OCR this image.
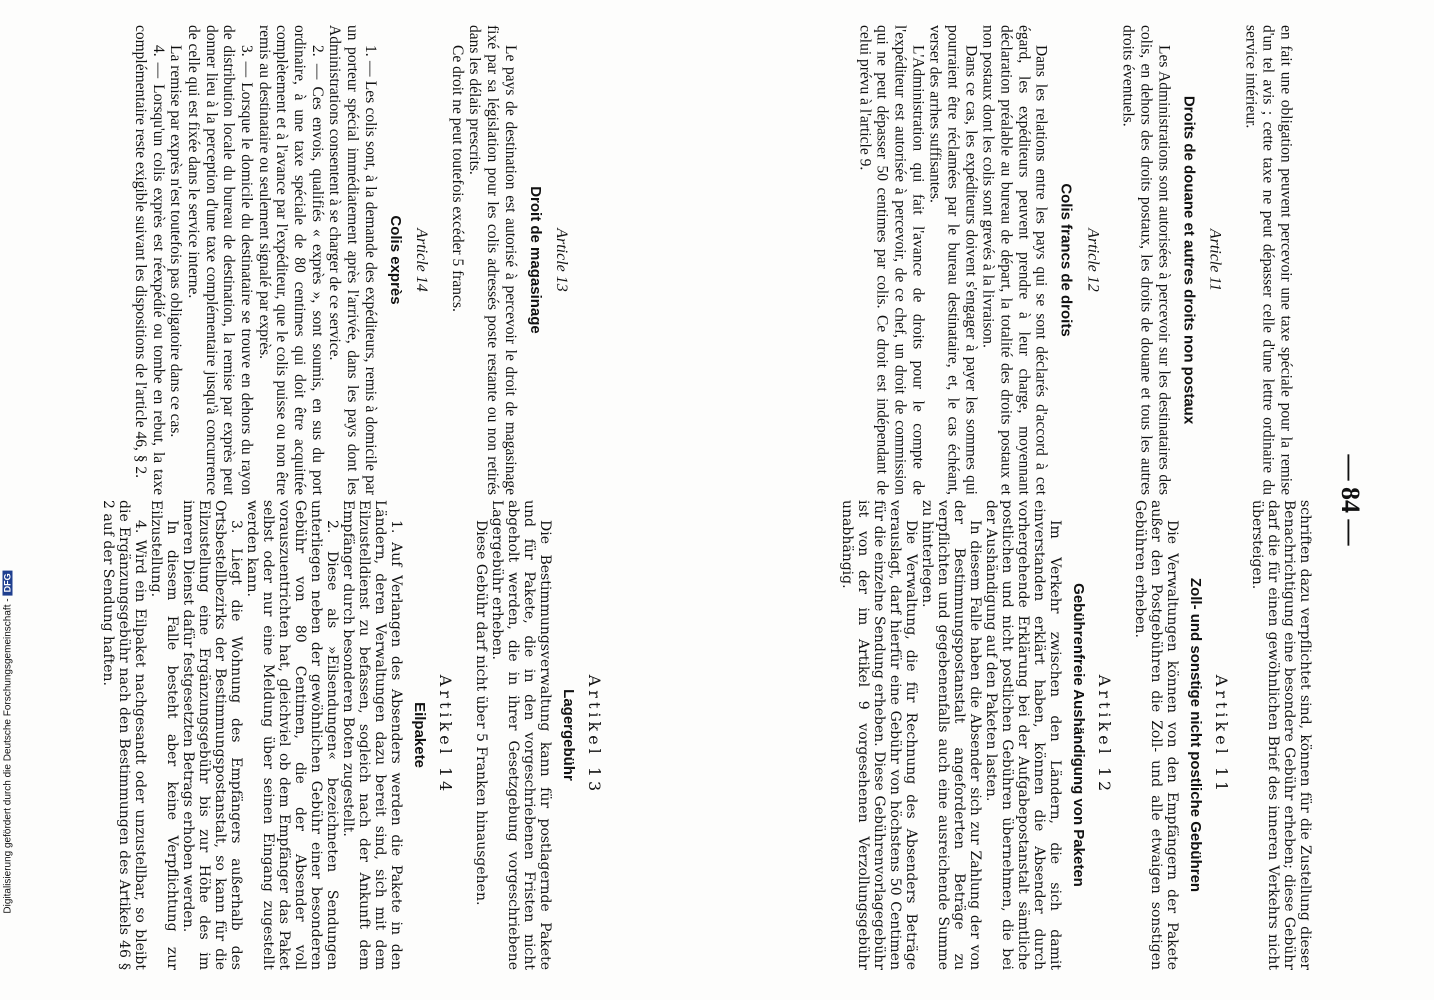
— 84 —

en fait une obligation peuvent percevoir une taxe spéciale pour la remise d'un tel avis ; cette taxe ne peut dépasser celle d'une lettre ordinaire du service intérieur.

Article 11
Droits de douane et autres droits non postaux

Les Administrations sont autorisées à percevoir sur les destinataires des colis, en dehors des droits postaux, les droits de douane et tous les autres droits éventuels.

Article 12
Colis francs de droits

Dans les relations entre les pays qui se sont déclarés d'accord à cet égard, les expéditeurs peuvent prendre à leur charge, moyennant déclaration préalable au bureau de départ, la totalité des droits postaux et non postaux dont les colis sont grevés à la livraison.

Dans ce cas, les expéditeurs doivent s'engager à payer les sommes qui pourraient être réclamées par le bureau destinataire, et, le cas échéant, verser des arrhes suffisantes.

L'Administration qui fait l'avance de droits pour le compte de l'expéditeur est autorisée à percevoir, de ce chef, un droit de commission qui ne peut dépasser 50 centimes par colis. Ce droit est indépendant de celui prévu à l'article 9.

Article 13
Droit de magasinage

Le pays de destination est autorisé à percevoir le droit de magasinage fixé par sa législation pour les colis adressés poste restante ou non retirés dans les délais prescrits.

Ce droit ne peut toutefois excéder 5 francs.

Article 14
Colis exprès

1. — Les colis sont, à la demande des expéditeurs, remis à domicile par un porteur spécial immédiatement après l'arrivée, dans les pays dont les Administrations consentent à se charger de ce service.

2. — Ces envois, qualifiés « exprès », sont soumis, en sus du port ordinaire, à une taxe spéciale de 80 centimes qui doit être acquittée complètement et à l'avance par l'expéditeur, que le colis puisse ou non être remis au destinataire ou seulement signalé par exprès.

3. — Lorsque le domicile du destinataire se trouve en dehors du rayon de distribution locale du bureau de destination, la remise par exprès peut donner lieu à la perception d'une taxe complémentaire jusqu'à concurrence de celle qui est fixée dans le service interne.

La remise par exprès n'est toutefois pas obligatoire dans ce cas.

4. — Lorsqu'un colis exprès est réexpédié ou tombe en rebut, la taxe complémentaire reste exigible suivant les dispositions de l'article 46, § 2.

Digitalisierung gefördert durch die Deutsche Forschungsgemeinschaft -DFG	schriften dazu verpflichtet sind, können für die Zustellung dieser Benachrichtigung eine besondere Gebühr erheben; diese Gebühr darf die für einen gewöhnlichen Brief des inneren Verkehrs nicht übersteigen.

Artikel 11
Zoll- und sonstige nicht postliche Gebühren

Die Verwaltungen können von den Empfängern der Pakete außer den Postgebühren die Zoll- und alle etwaigen sonstigen Gebühren erheben.

Artikel 12
Gebührenfreie Aushändigung von Paketen

Im Verkehr zwischen den Ländern, die sich damit einverstanden erklärt haben, können die Absender durch vorhergehende Erklärung bei der Aufgabepostanstalt sämtliche postlichen und nicht postlichen Gebühren übernehmen, die bei der Aushändigung auf den Paketen lasten.

In diesem Falle haben die Absender sich zur Zahlung der von der Bestimmungspostanstalt angeforderten Beträge zu verpflichten und gegebenenfalls auch eine ausreichende Summe zu hinterlegen.

Die Verwaltung, die für Rechnung des Absenders Beträge verauslagt, darf hierfür eine Gebühr von höchstens 50 Centimen für die einzelne Sendung erheben. Diese Gebührenvorlagegebühr ist von der im Artikel 9 vorgesehenen Verzollungsgebühr unabhängig.

Artikel 13
Lagergebühr

Die Bestimmungsverwaltung kann für postlagernde Pakete und für Pakete, die in den vorgeschriebenen Fristen nicht abgeholt werden, die in ihrer Gesetzgebung vorgeschriebene Lagergebühr erheben.

Diese Gebühr darf nicht über 5 Franken hinausgehen.

Artikel 14
Eilpakete

1. Auf Verlangen des Absenders werden die Pakete in den Ländern, deren Verwaltungen dazu bereit sind, sich mit dem Eilzustelldienst zu befassen, sogleich nach der Ankunft dem Empfänger durch besonderen Boten zugestellt.

2. Diese als »Eilsendungen« bezeichneten Sendungen unterliegen neben der gewöhnlichen Gebühr einer besonderen Gebühr von 80 Centimen, die der Absender voll vorauszuentrichten hat, gleichviel ob dem Empfänger das Paket selbst oder nur eine Meldung über seinen Eingang zugestellt werden kann.

3. Liegt die Wohnung des Empfängers außerhalb des Ortsbestellbezirks der Bestimmungspostanstalt, so kann für die Eilzustellung eine Ergänzungsgebühr bis zur Höhe des im inneren Dienst dafür festgesetzten Betrags erhoben werden.

In diesem Falle besteht aber keine Verpflichtung zur Eilzustellung.

4. Wird ein Eilpaket nachgesandt oder unzustellbar, so bleibt die Ergänzungsgebühr nach den Bestimmungen des Artikels 46 § 2 auf der Sendung haften.
